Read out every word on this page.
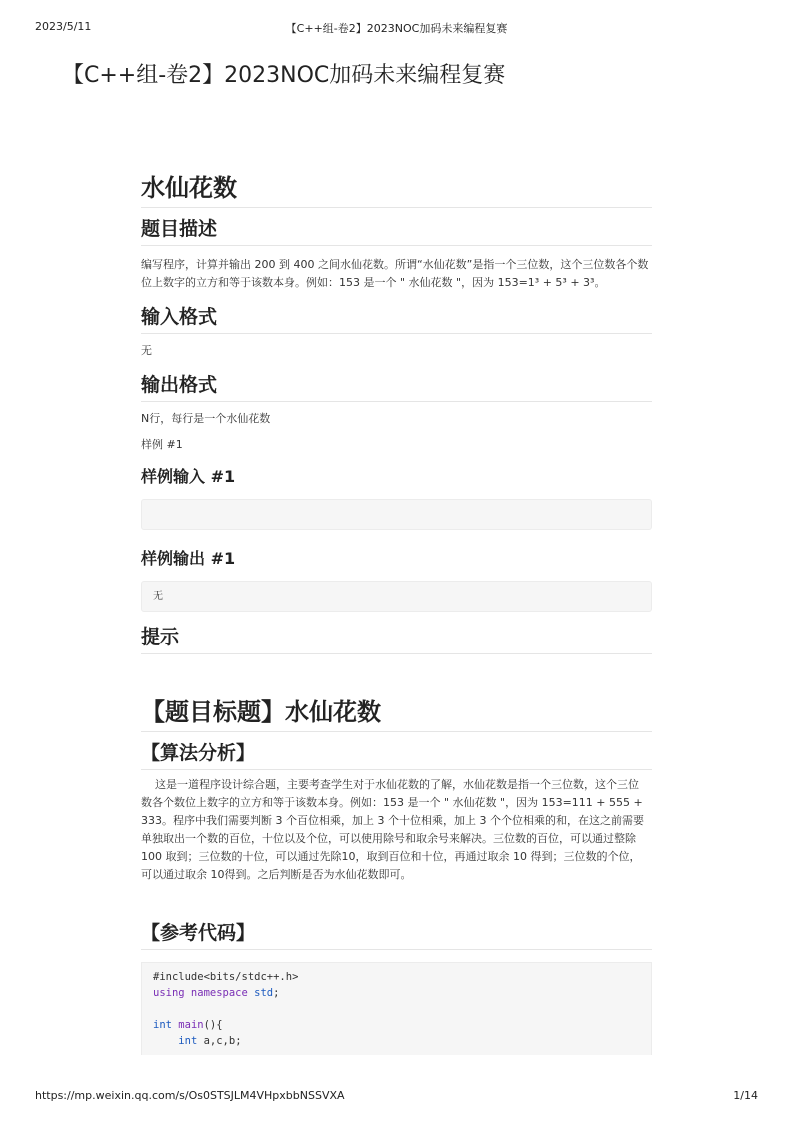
2023/5/11	【C++组-卷2】2023NOC加码未来编程复赛
【C++组-卷2】2023NOC加码未来编程复赛
水仙花数
题目描述

编写程序，计算并输出 200 到 400 之间水仙花数。所谓“水仙花数”是指一个三位数，这个三位数各个数

位上数字的立方和等于该数本身。例如：153 是一个 " 水仙花数 "，因为 153=1³ + 5³ + 3³。

输入格式

无

输出格式

N行，每行是一个水仙花数

样例 #1

样例输入 #1
样例输出 #1
无
提示
【题目标题】水仙花数
【算法分析】

这是一道程序设计综合题，主要考查学生对于水仙花数的了解，水仙花数是指一个三位数，这个三位

数各个数位上数字的立方和等于该数本身。例如：153 是一个 " 水仙花数 "，因为 153=111 + 555 +

333。程序中我们需要判断 3 个百位相乘，加上 3 个十位相乘，加上 3 个个位相乘的和，在这之前需要

单独取出一个数的百位，十位以及个位，可以使用除号和取余号来解决。三位数的百位，可以通过整除

100 取到；三位数的十位，可以通过先除10，取到百位和十位，再通过取余 10 得到；三位数的个位，

可以通过取余 10得到。之后判断是否为水仙花数即可。

【参考代码】
#include<bits/stdc++.h>
using namespace std;
int main(){
int a,c,b;
https://mp.weixin.qq.com/s/Os0STSJLM4VHpxbbNSSVXA	1/14
